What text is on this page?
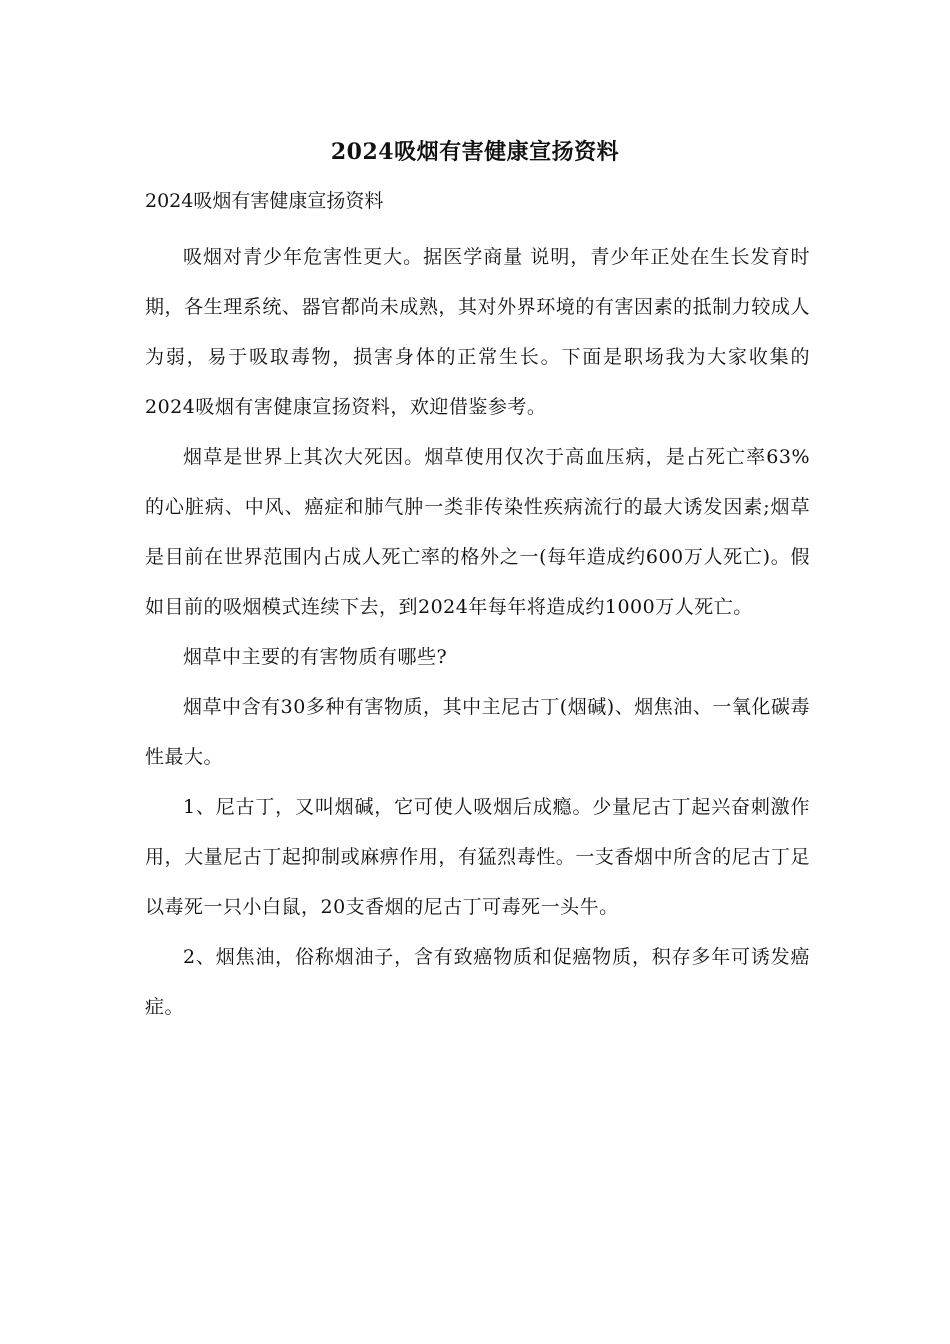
2024吸烟有害健康宣扬资料
2024吸烟有害健康宣扬资料

吸烟对青少年危害性更大。据医学商量 说明，青少年正处在生长发育时期，各生理系统、器官都尚未成熟，其对外界环境的有害因素的抵制力较成人为弱，易于吸取毒物，损害身体的正常生长。下面是职场我为大家收集的2024吸烟有害健康宣扬资料，欢迎借鉴参考。

烟草是世界上其次大死因。烟草使用仅次于高血压病，是占死亡率63%的心脏病、中风、癌症和肺气肿一类非传染性疾病流行的最大诱发因素;烟草是目前在世界范围内占成人死亡率的格外之一(每年造成约600万人死亡)。假如目前的吸烟模式连续下去，到2024年每年将造成约1000万人死亡。

烟草中主要的有害物质有哪些?

烟草中含有30多种有害物质，其中主尼古丁(烟碱)、烟焦油、一氧化碳毒性最大。

1、尼古丁，又叫烟碱，它可使人吸烟后成瘾。少量尼古丁起兴奋刺激作用，大量尼古丁起抑制或麻痹作用，有猛烈毒性。一支香烟中所含的尼古丁足以毒死一只小白鼠，20支香烟的尼古丁可毒死一头牛。

2、烟焦油，俗称烟油子，含有致癌物质和促癌物质，积存多年可诱发癌症。
